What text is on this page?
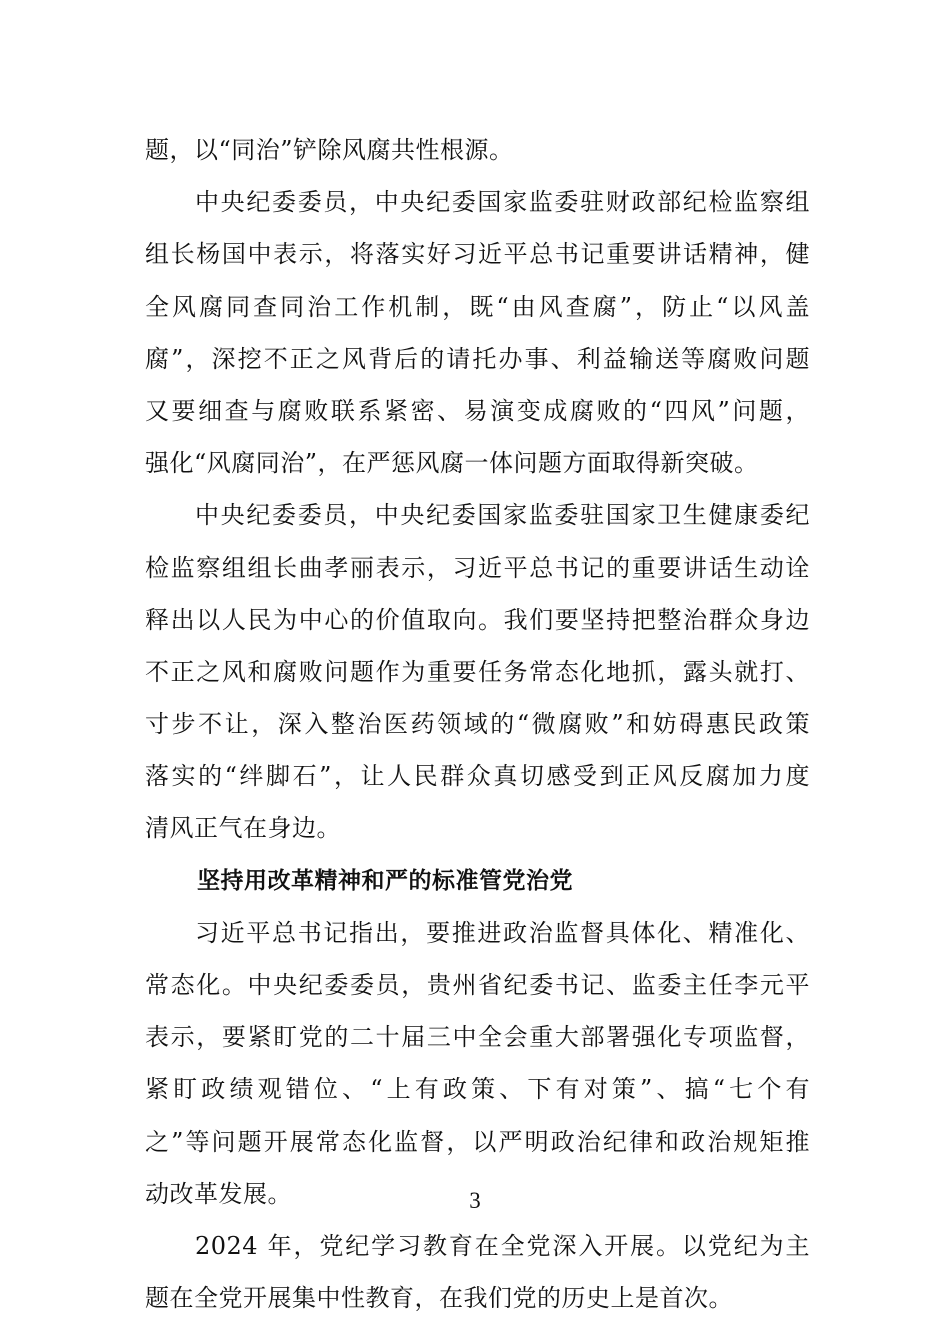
题，以“同治”铲除风腐共性根源。
中央纪委委员，中央纪委国家监委驻财政部纪检监察组
组长杨国中表示，将落实好习近平总书记重要讲话精神，健
全风腐同查同治工作机制，既“由风查腐”，防止“以风盖
腐”，深挖不正之风背后的请托办事、利益输送等腐败问题
又要细查与腐败联系紧密、易演变成腐败的“四风”问题，
强化“风腐同治”，在严惩风腐一体问题方面取得新突破。
中央纪委委员，中央纪委国家监委驻国家卫生健康委纪
检监察组组长曲孝丽表示，习近平总书记的重要讲话生动诠
释出以人民为中心的价值取向。我们要坚持把整治群众身边
不正之风和腐败问题作为重要任务常态化地抓，露头就打、
寸步不让，深入整治医药领域的“微腐败”和妨碍惠民政策
落实的“绊脚石”，让人民群众真切感受到正风反腐加力度
清风正气在身边。
坚持用改革精神和严的标准管党治党
习近平总书记指出，要推进政治监督具体化、精准化、
常态化。中央纪委委员，贵州省纪委书记、监委主任李元平
表示，要紧盯党的二十届三中全会重大部署强化专项监督，
紧盯政绩观错位、“上有政策、下有对策”、搞“七个有
之”等问题开展常态化监督，以严明政治纪律和政治规矩推
动改革发展。
2024 年，党纪学习教育在全党深入开展。以党纪为主
题在全党开展集中性教育，在我们党的历史上是首次。
3
